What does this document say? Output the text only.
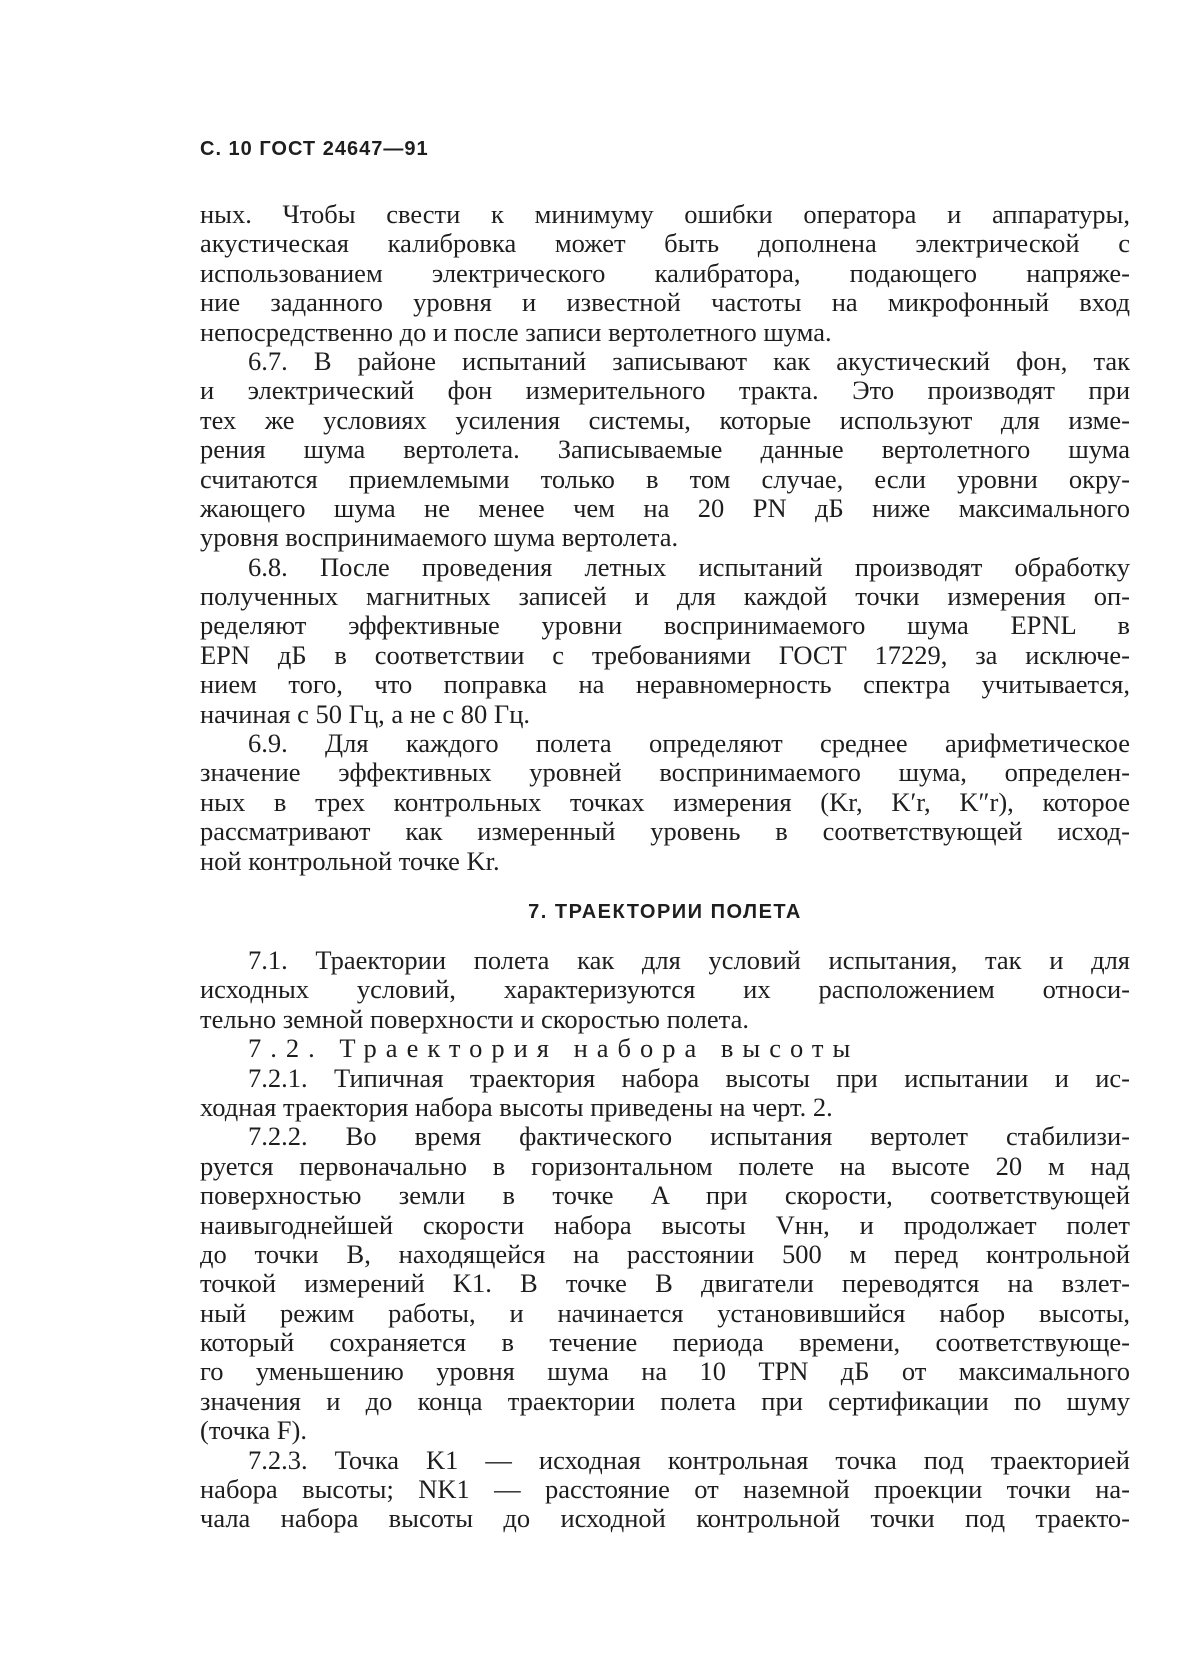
С. 10 ГОСТ 24647—91
ных. Чтобы свести к минимуму ошибки оператора и аппаратуры,
акустическая калибровка может быть дополнена электрической с
использованием электрического калибратора, подающего напряже-
ние заданного уровня и известной частоты на микрофонный вход
непосредственно до и после записи вертолетного шума.
6.7. В районе испытаний записывают как акустический фон, так
и электрический фон измерительного тракта. Это производят при
тех же условиях усиления системы, которые используют для изме-
рения шума вертолета. Записываемые данные вертолетного шума
считаются приемлемыми только в том случае, если уровни окру-
жающего шума не менее чем на 20 PN дБ ниже максимального
уровня воспринимаемого шума вертолета.
6.8. После проведения летных испытаний производят обработку
полученных магнитных записей и для каждой точки измерения оп-
ределяют эффективные уровни воспринимаемого шума EPNL в
EPN дБ в соответствии с требованиями ГОСТ 17229, за исключе-
нием того, что поправка на неравномерность спектра учитывается,
начиная с 50 Гц, а не с 80 Гц.
6.9. Для каждого полета определяют среднее арифметическое
значение эффективных уровней воспринимаемого шума, определен-
ных в трех контрольных точках измерения (Kr, K′r, K″r), которое
рассматривают как измеренный уровень в соответствующей исход-
ной контрольной точке Kr.
7. ТРАЕКТОРИИ ПОЛЕТА
7.1. Траектории полета как для условий испытания, так и для
исходных условий, характеризуются их расположением относи-
тельно земной поверхности и скоростью полета.
7.2. Траектория набора высоты
7.2.1. Типичная траектория набора высоты при испытании и ис-
ходная траектория набора высоты приведены на черт. 2.
7.2.2. Во время фактического испытания вертолет стабилизи-
руется первоначально в горизонтальном полете на высоте 20 м над
поверхностью земли в точке A при скорости, соответствующей
наивыгоднейшей скорости набора высоты Vнн, и продолжает полет
до точки B, находящейся на расстоянии 500 м перед контрольной
точкой измерений K1. В точке B двигатели переводятся на взлет-
ный режим работы, и начинается установившийся набор высоты,
который сохраняется в течение периода времени, соответствующе-
го уменьшению уровня шума на 10 TPN дБ от максимального
значения и до конца траектории полета при сертификации по шуму
(точка F).
7.2.3. Точка K1 — исходная контрольная точка под траекторией
набора высоты; NK1 — расстояние от наземной проекции точки на-
чала набора высоты до исходной контрольной точки под траекто-
